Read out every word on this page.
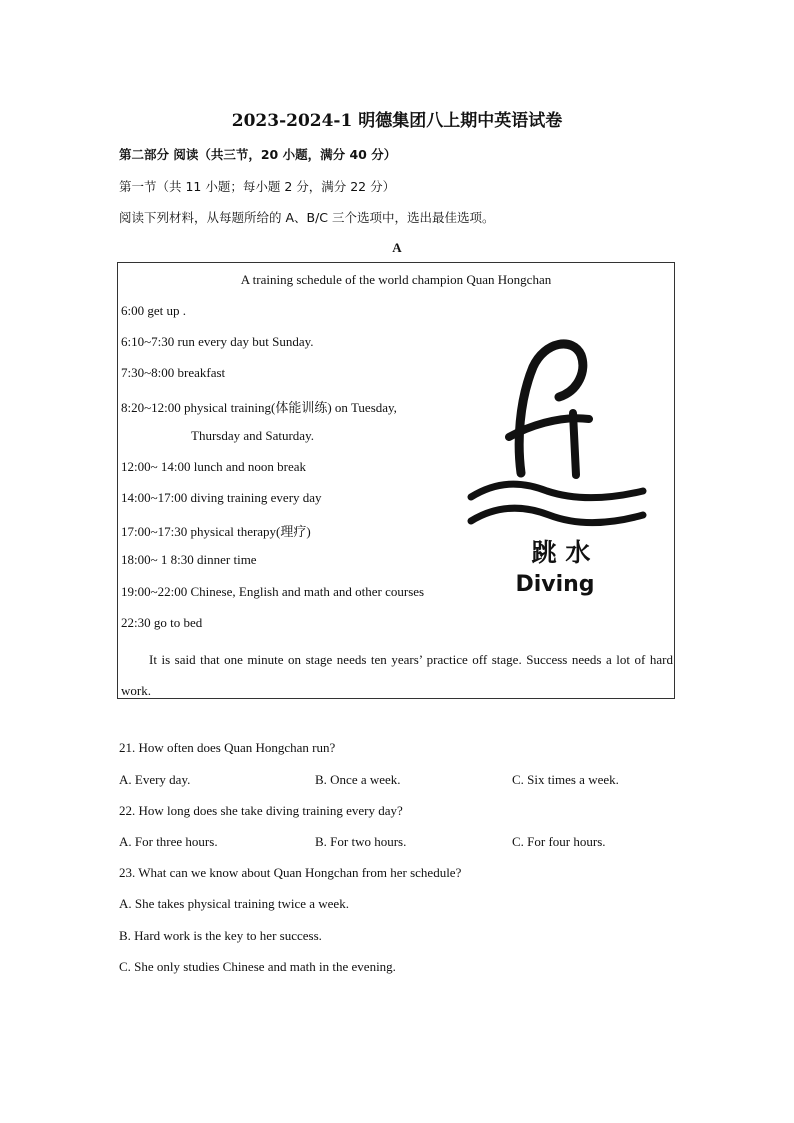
2023-2024-1 明德集团八上期中英语试卷
第二部分 阅读（共三节，20 小题，满分 40 分）
第一节（共 11 小题；每小题 2 分，满分 22 分）
阅读下列材料，从每题所给的 A、B/C 三个选项中，选出最佳选项。
A
A training schedule of the world champion Quan Hongchan
6:00 get up .
6:10~7:30 run every day but Sunday.
7:30~8:00 breakfast
8:20~12:00 physical training(体能训练) on Tuesday,
Thursday and Saturday.
12:00~ 14:00 lunch and noon break
14:00~17:00 diving training every day
17:00~17:30 physical therapy(理疗)
18:00~ 1 8:30 dinner time
19:00~22:00 Chinese, English and math and other courses
22:30 go to bed
跳 水
Diving
It is said that one minute on stage needs ten years’ practice off stage. Success needs a lot of hard work.
21. How often does Quan Hongchan run?
A. Every day.	B. Once a week.	C. Six times a week.
22. How long does she take diving training every day?
A. For three hours.	B. For two hours.	C. For four hours.
23. What can we know about Quan Hongchan from her schedule?
A. She takes physical training twice a week.
B. Hard work is the key to her success.
C. She only studies Chinese and math in the evening.
